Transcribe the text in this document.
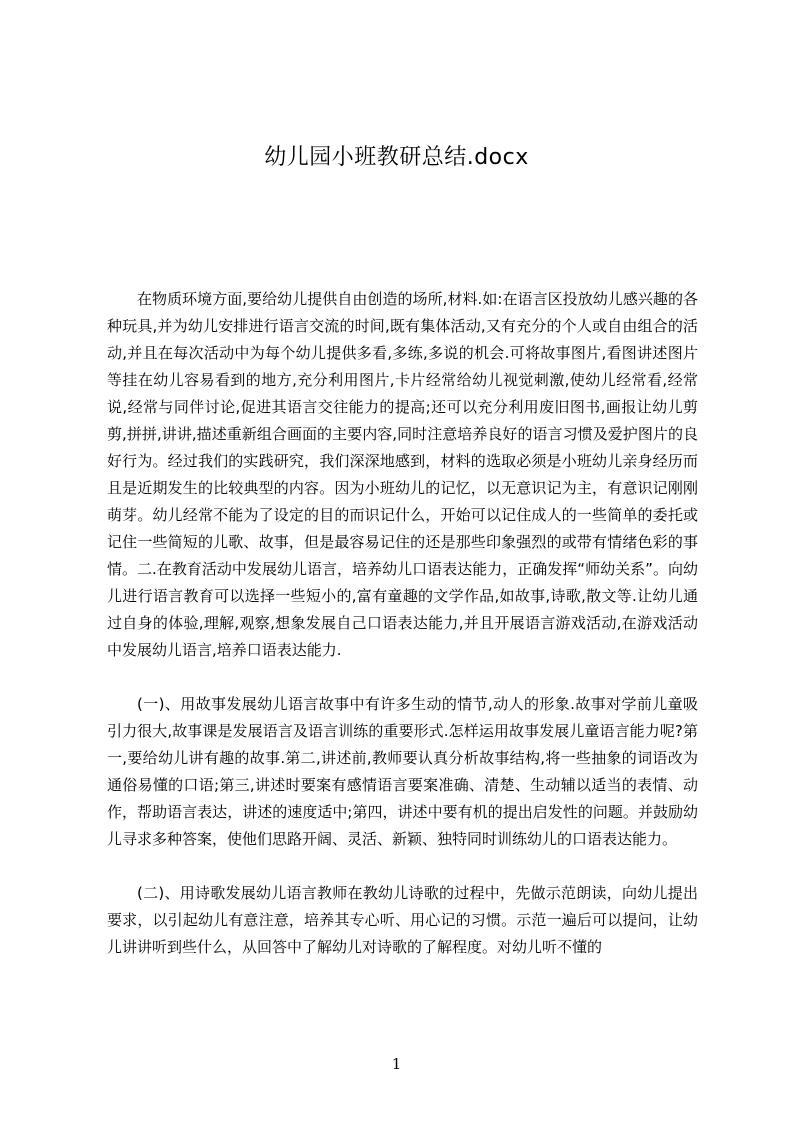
幼儿园小班教研总结.docx

在物质环境方面,要给幼儿提供自由创造的场所,材料.如:在语言区投放幼儿感兴趣的各种玩具,并为幼儿安排进行语言交流的时间,既有集体活动,又有充分的个人或自由组合的活动,并且在每次活动中为每个幼儿提供多看,多练,多说的机会.可将故事图片,看图讲述图片等挂在幼儿容易看到的地方,充分利用图片,卡片经常给幼儿视觉刺激,使幼儿经常看,经常说,经常与同伴讨论,促进其语言交往能力的提高;还可以充分利用废旧图书,画报让幼儿剪剪,拼拼,讲讲,描述重新组合画面的主要内容,同时注意培养良好的语言习惯及爱护图片的良好行为。经过我们的实践研究，我们深深地感到，材料的选取必须是小班幼儿亲身经历而且是近期发生的比较典型的内容。因为小班幼儿的记忆，以无意识记为主，有意识记刚刚萌芽。幼儿经常不能为了设定的目的而识记什么，开始可以记住成人的一些简单的委托或记住一些简短的儿歌、故事，但是最容易记住的还是那些印象强烈的或带有情绪色彩的事情。二.在教育活动中发展幼儿语言，培养幼儿口语表达能力，正确发挥“师幼关系”。向幼儿进行语言教育可以选择一些短小的,富有童趣的文学作品,如故事,诗歌,散文等.让幼儿通过自身的体验,理解,观察,想象发展自己口语表达能力,并且开展语言游戏活动,在游戏活动中发展幼儿语言,培养口语表达能力.

(一)、用故事发展幼儿语言故事中有许多生动的情节,动人的形象.故事对学前儿童吸引力很大,故事课是发展语言及语言训练的重要形式.怎样运用故事发展儿童语言能力呢?第一,要给幼儿讲有趣的故事.第二,讲述前,教师要认真分析故事结构,将一些抽象的词语改为通俗易懂的口语;第三,讲述时要案有感情语言要案准确、清楚、生动辅以适当的表情、动作，帮助语言表达，讲述的速度适中;第四，讲述中要有机的提出启发性的问题。并鼓励幼儿寻求多种答案，使他们思路开阔、灵活、新颖、独特同时训练幼儿的口语表达能力。

(二)、用诗歌发展幼儿语言教师在教幼儿诗歌的过程中，先做示范朗读，向幼儿提出要求，以引起幼儿有意注意，培养其专心听、用心记的习惯。示范一遍后可以提问，让幼儿讲讲听到些什么，从回答中了解幼儿对诗歌的了解程度。对幼儿听不懂的

1
